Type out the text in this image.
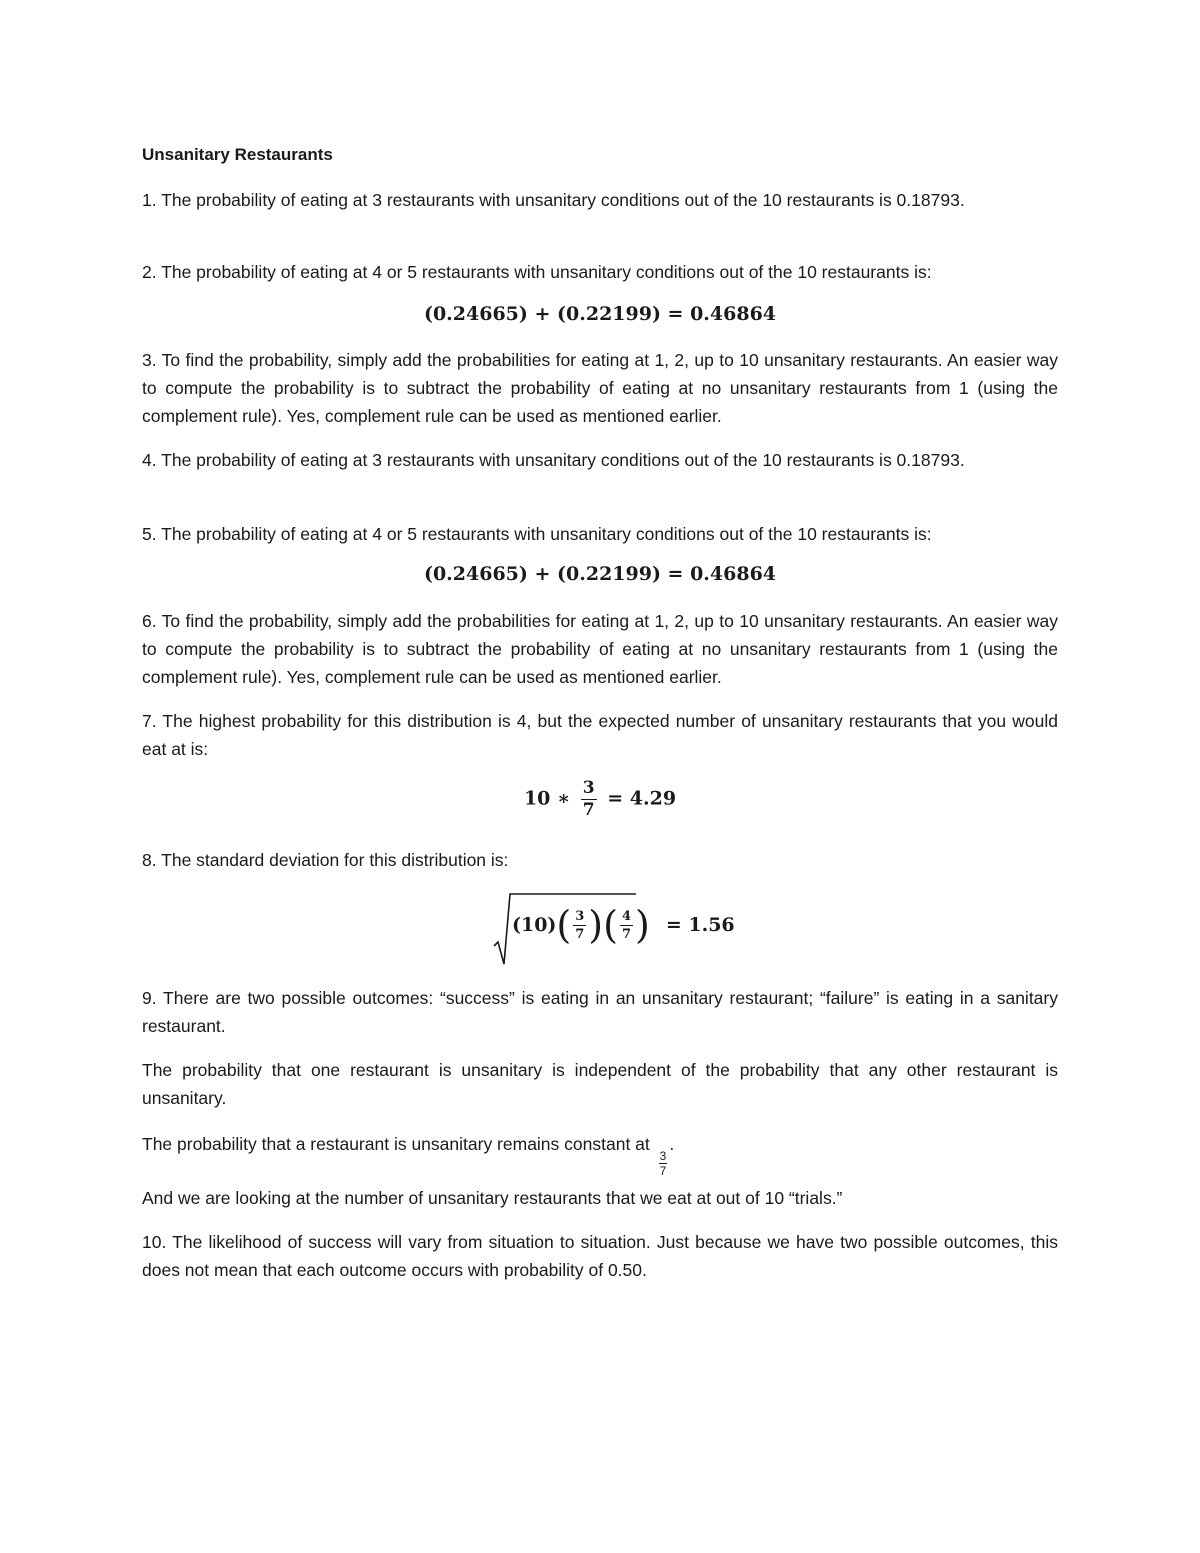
Unsanitary Restaurants

1. The probability of eating at 3 restaurants with unsanitary conditions out of the 10 restaurants is 0.18793.

2. The probability of eating at 4 or 5 restaurants with unsanitary conditions out of the 10 restaurants is:

(0.24665) + (0.22199) = 0.46864

3. To find the probability, simply add the probabilities for eating at 1, 2, up to 10 unsanitary restaurants. An easier way to compute the probability is to subtract the probability of eating at no unsanitary restaurants from 1 (using the complement rule). Yes, complement rule can be used as mentioned earlier.

4. The probability of eating at 3 restaurants with unsanitary conditions out of the 10 restaurants is 0.18793.

5. The probability of eating at 4 or 5 restaurants with unsanitary conditions out of the 10 restaurants is:

(0.24665) + (0.22199) = 0.46864

6. To find the probability, simply add the probabilities for eating at 1, 2, up to 10 unsanitary restaurants. An easier way to compute the probability is to subtract the probability of eating at no unsanitary restaurants from 1 (using the complement rule). Yes, complement rule can be used as mentioned earlier.

7. The highest probability for this distribution is 4, but the expected number of unsanitary restaurants that you would eat at is:

10 ∗ $\frac{3}{7} = 4.29$

8. The standard deviation for this distribution is:

(10) ( $\frac{3}{7}$ )( $\frac{4}{7}$ ) = 1.56

9. There are two possible outcomes: “success” is eating in an unsanitary restaurant; “failure” is eating in a sanitary restaurant.

The probability that one restaurant is unsanitary is independent of the probability that any other restaurant is unsanitary.

The probability that a restaurant is unsanitary remains constant at
$\frac{3}{7}$
.

And we are looking at the number of unsanitary restaurants that we eat at out of 10 “trials.”

10. The likelihood of success will vary from situation to situation. Just because we have two possible outcomes, this does not mean that each outcome occurs with probability of 0.50.
